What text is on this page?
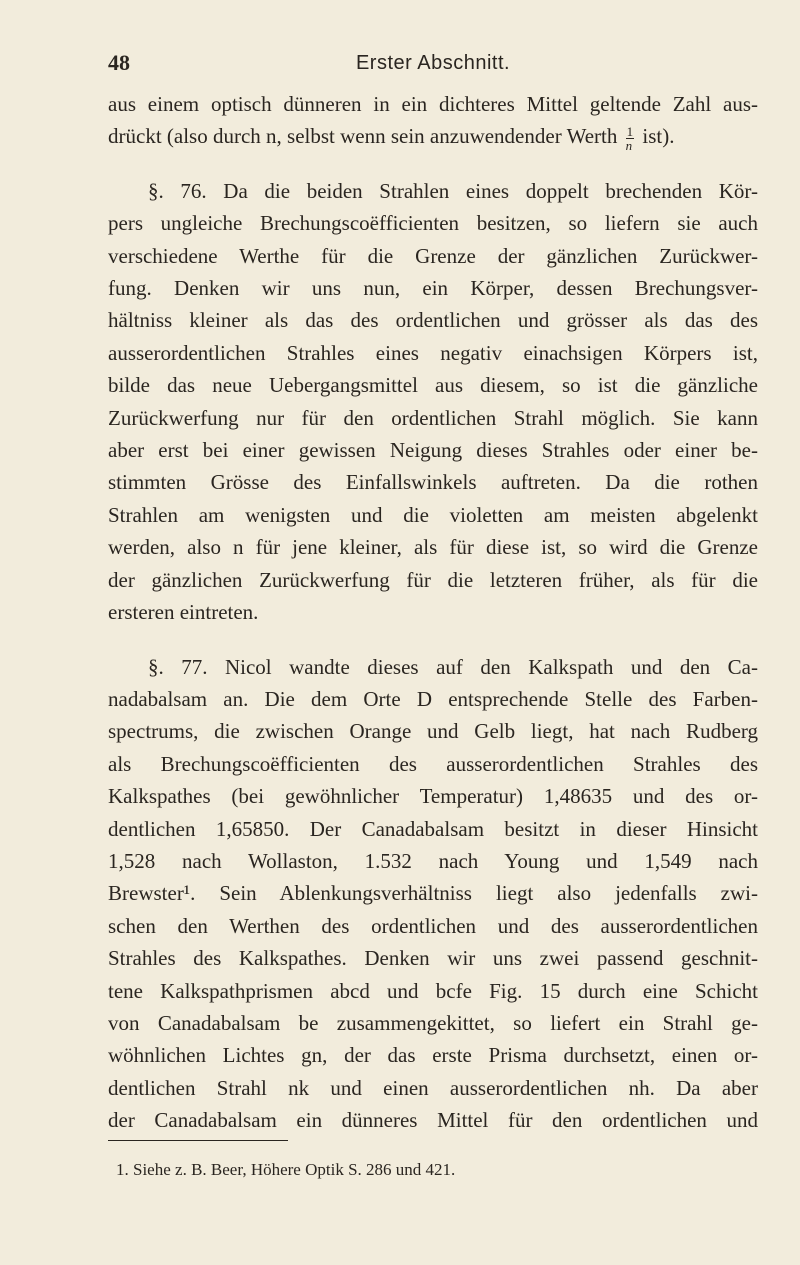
48	Erster Abschnitt.
aus einem optisch dünneren in ein dichteres Mittel geltende Zahl aus-
drückt (also durch n, selbst wenn sein anzuwendender Werth $\frac{1}{n} ist$).
§. 76. Da die beiden Strahlen eines doppelt brechenden Kör-
pers ungleiche Brechungscoëfficienten besitzen, so liefern sie auch
verschiedene Werthe für die Grenze der gänzlichen Zurückwer-
fung. Denken wir uns nun, ein Körper, dessen Brechungsver-
hältniss kleiner als das des ordentlichen und grösser als das des
ausserordentlichen Strahles eines negativ einachsigen Körpers ist,
bilde das neue Uebergangsmittel aus diesem, so ist die gänzliche
Zurückwerfung nur für den ordentlichen Strahl möglich. Sie kann
aber erst bei einer gewissen Neigung dieses Strahles oder einer be-
stimmten Grösse des Einfallswinkels auftreten. Da die rothen
Strahlen am wenigsten und die violetten am meisten abgelenkt
werden, also n für jene kleiner, als für diese ist, so wird die Grenze
der gänzlichen Zurückwerfung für die letzteren früher, als für die
ersteren eintreten.
§. 77. Nicol wandte dieses auf den Kalkspath und den Ca-
nadabalsam an. Die dem Orte D entsprechende Stelle des Farben-
spectrums, die zwischen Orange und Gelb liegt, hat nach Rudberg
als Brechungscoëfficienten des ausserordentlichen Strahles des
Kalkspathes (bei gewöhnlicher Temperatur) 1,48635 und des or-
dentlichen 1,65850. Der Canadabalsam besitzt in dieser Hinsicht
1,528 nach Wollaston, 1.532 nach Young und 1,549 nach
Brewster¹. Sein Ablenkungsverhältniss liegt also jedenfalls zwi-
schen den Werthen des ordentlichen und des ausserordentlichen
Strahles des Kalkspathes. Denken wir uns zwei passend geschnit-
tene Kalkspathprismen abcd und bcfe Fig. 15 durch eine Schicht
von Canadabalsam be zusammengekittet, so liefert ein Strahl ge-
wöhnlichen Lichtes gn, der das erste Prisma durchsetzt, einen or-
dentlichen Strahl nk und einen ausserordentlichen nh. Da aber
der Canadabalsam ein dünneres Mittel für den ordentlichen und
1. Siehe z. B. Beer, Höhere Optik S. 286 und 421.
